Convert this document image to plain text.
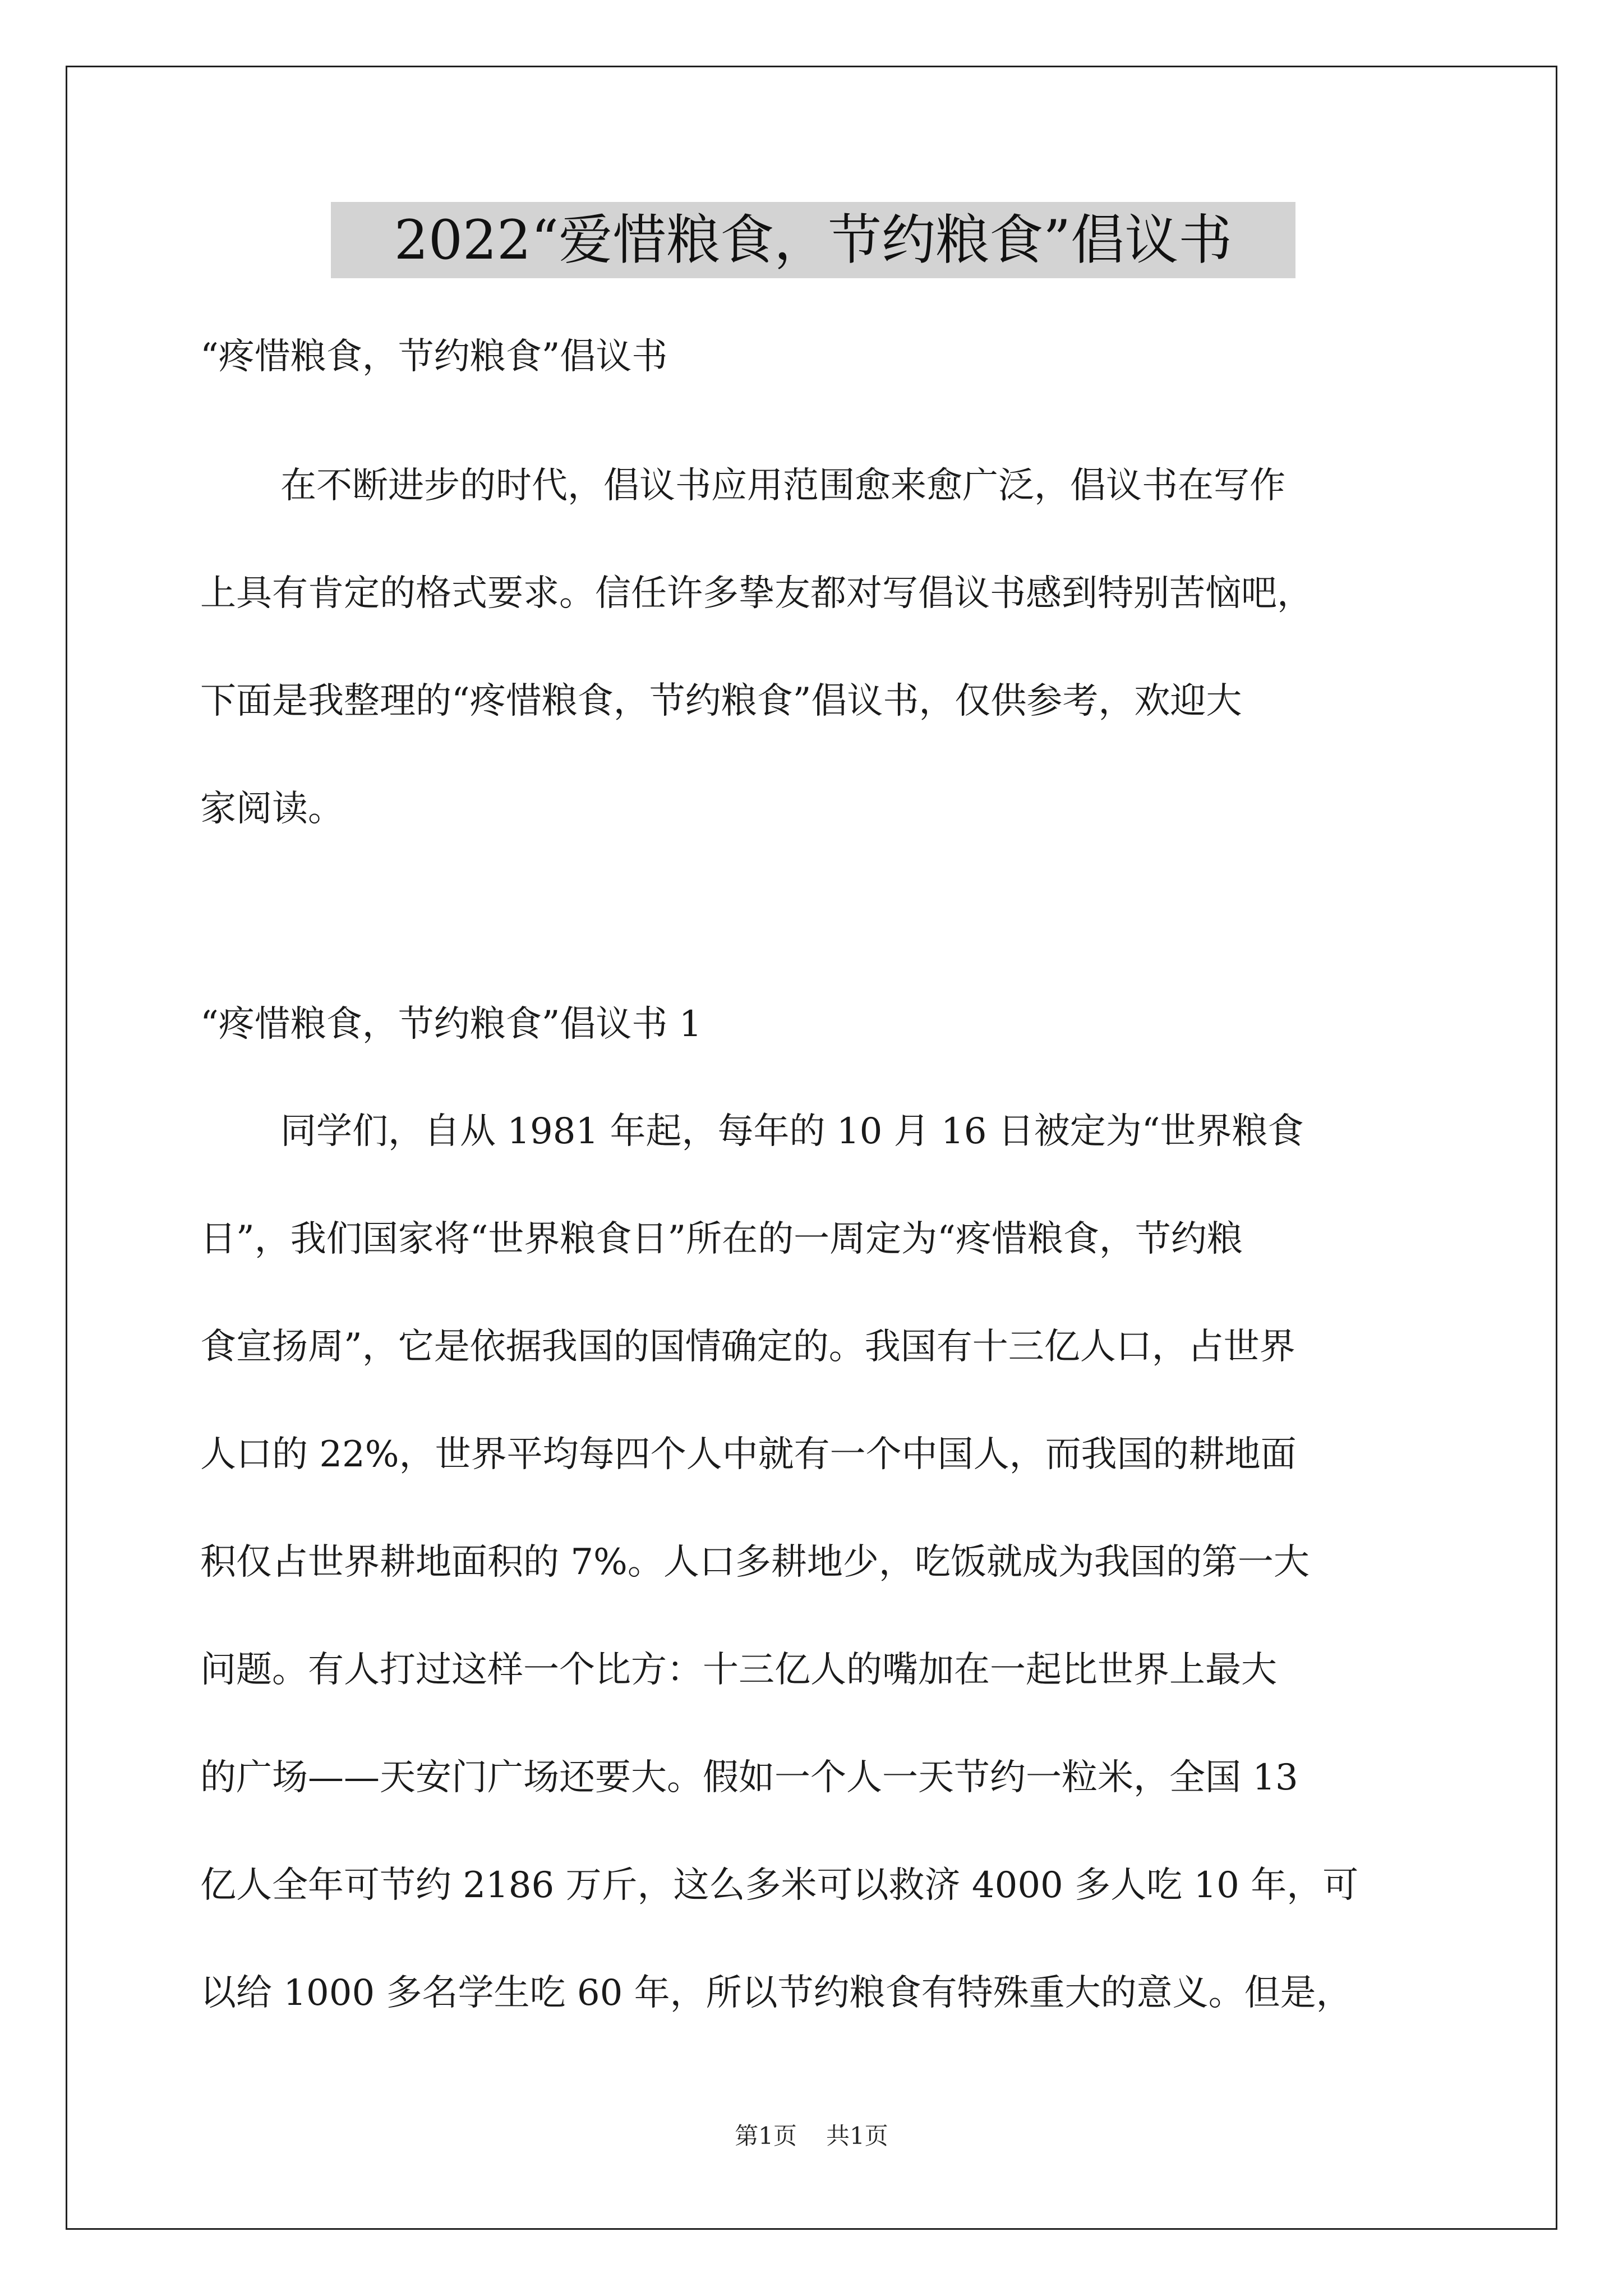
2022“爱惜粮食，节约粮食”倡议书
“疼惜粮食，节约粮食”倡议书
在不断进步的时代，倡议书应用范围愈来愈广泛，倡议书在写作
上具有肯定的格式要求。信任许多挚友都对写倡议书感到特别苦恼吧，
下面是我整理的“疼惜粮食，节约粮食”倡议书，仅供参考，欢迎大
家阅读。
“疼惜粮食，节约粮食”倡议书 1
同学们，自从 1981 年起，每年的 10 月 16 日被定为“世界粮食
日”，我们国家将“世界粮食日”所在的一周定为“疼惜粮食，节约粮
食宣扬周”，它是依据我国的国情确定的。我国有十三亿人口，占世界
人口的 22%，世界平均每四个人中就有一个中国人，而我国的耕地面
积仅占世界耕地面积的 7%。人口多耕地少，吃饭就成为我国的第一大
问题。有人打过这样一个比方：十三亿人的嘴加在一起比世界上最大
的广场——天安门广场还要大。假如一个人一天节约一粒米，全国 13
亿人全年可节约 2186 万斤，这么多米可以救济 4000 多人吃 10 年，可
以给 1000 多名学生吃 60 年，所以节约粮食有特殊重大的意义。但是，
第1页 共1页
